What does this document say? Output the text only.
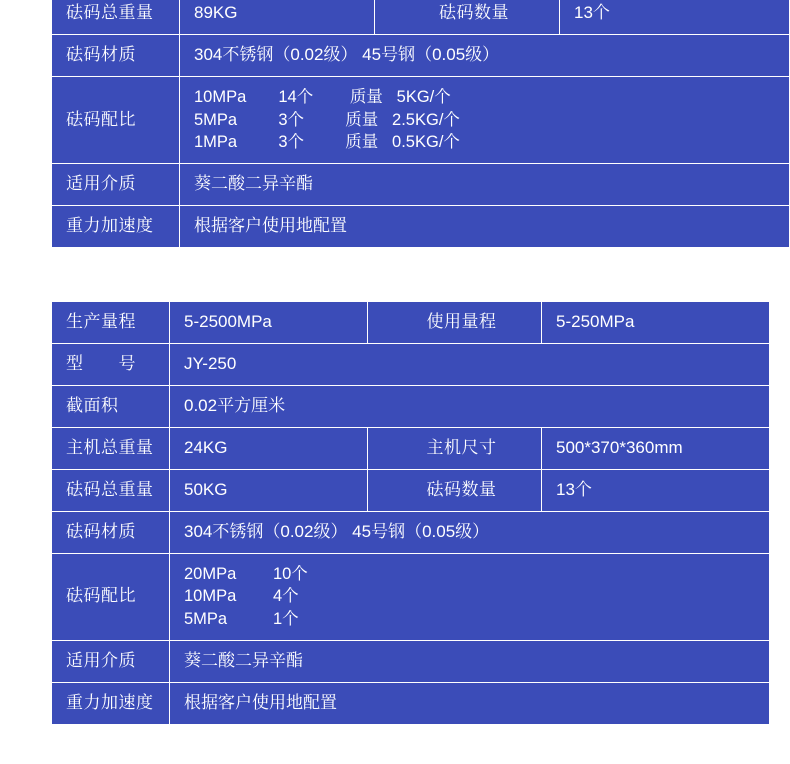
砝码总重量	89KG	砝码数量	13个
砝码材质	304不锈钢（0.02级） 45号钢（0.05级）		
砝码配比	10MPa       14个        质量   5KG/个
5MPa         3个         质量   2.5KG/个
1MPa         3个         质量   0.5KG/个		

适用介质	葵二酸二异辛酯		
重力加速度	根据客户使用地配置		
生产量程	5-2500MPa	使用量程	5-250MPa
型　　号	JY-250		
截面积	0.02平方厘米		
主机总重量	24KG	主机尺寸	500*370*360mm
砝码总重量	50KG	砝码数量	13个
砝码材质	304不锈钢（0.02级） 45号钢（0.05级）		
砝码配比	20MPa        10个
10MPa        4个
5MPa          1个		

适用介质	葵二酸二异辛酯		
重力加速度	根据客户使用地配置		
